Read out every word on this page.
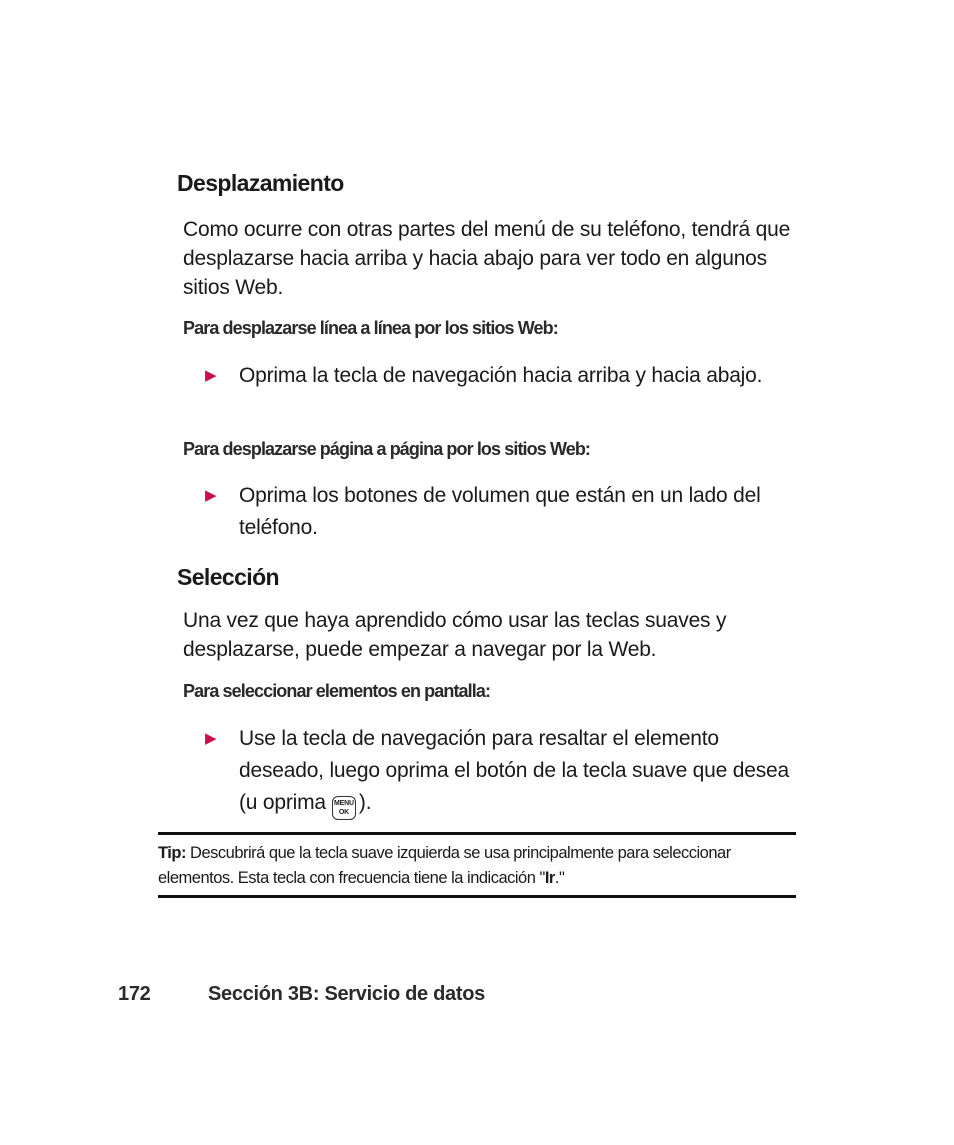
Desplazamiento

Como ocurre con otras partes del menú de su teléfono, tendrá que desplazarse hacia arriba y hacia abajo para ver todo en algunos sitios Web.

Para desplazarse línea a línea por los sitios Web:

▶ Oprima la tecla de navegación hacia arriba y hacia abajo.

Para desplazarse página a página por los sitios Web:

▶ Oprima los botones de volumen que están en un lado del teléfono.
Selección

Una vez que haya aprendido cómo usar las teclas suaves y desplazarse, puede empezar a navegar por la Web.

Para seleccionar elementos en pantalla:

▶ Use la tecla de navegación para resaltar el elemento deseado, luego oprima el botón de la tecla suave que desea (u oprima MENU
OK ).

Tip: Descubrirá que la tecla suave izquierda se usa principalmente para seleccionar elementos. Esta tecla con frecuencia tiene la indicación "Ir."

172	Sección 3B: Servicio de datos
